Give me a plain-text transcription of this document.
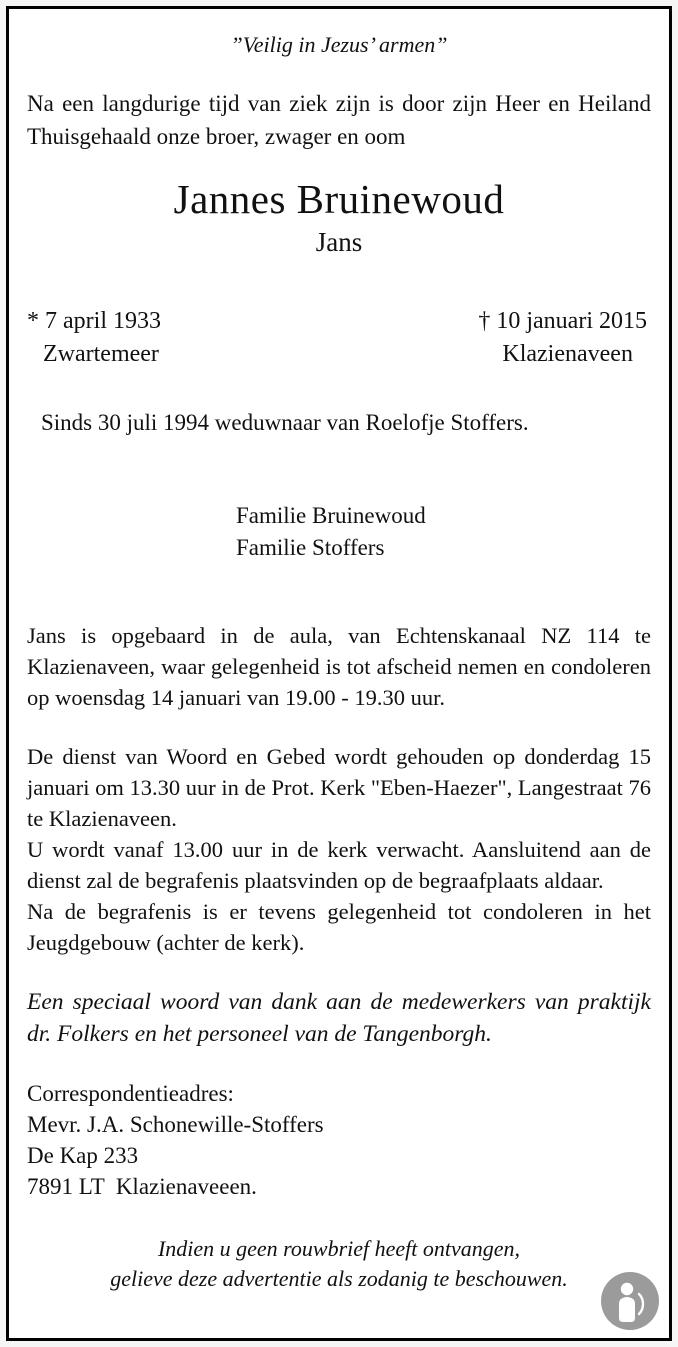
”Veilig in Jezus’ armen”
Na een langdurige tijd van ziek zijn is door zijn Heer en Heiland Thuisgehaald onze broer, zwager en oom
Jannes Bruinewoud
Jans
* 7 april 1933
Zwartemeer
† 10 januari 2015
Klazienaveen
Sinds 30 juli 1994 weduwnaar van Roelofje Stoffers.
Familie Bruinewoud
Familie Stoffers

Jans is opgebaard in de aula, van Echtenskanaal NZ 114 te Klazienaveen, waar gelegenheid is tot afscheid nemen en condoleren op woensdag 14 januari van 19.00 - 19.30 uur.

De dienst van Woord en Gebed wordt gehouden op donderdag 15 januari om 13.30 uur in de Prot. Kerk "Eben-Haezer", Langestraat 76 te Klazienaveen.

U wordt vanaf 13.00 uur in de kerk verwacht. Aansluitend aan de dienst zal de begrafenis plaatsvinden op de begraafplaats aldaar.

Na de begrafenis is er tevens gelegenheid tot condoleren in het Jeugdgebouw (achter de kerk).

Een speciaal woord van dank aan de medewerkers van praktijk dr. Folkers en het personeel van de Tangenborgh.
Correspondentieadres:
Mevr. J.A. Schonewille-Stoffers
De Kap 233
7891 LT  Klazienaveeen.
Indien u geen rouwbrief heeft ontvangen,
gelieve deze advertentie als zodanig te beschouwen.
